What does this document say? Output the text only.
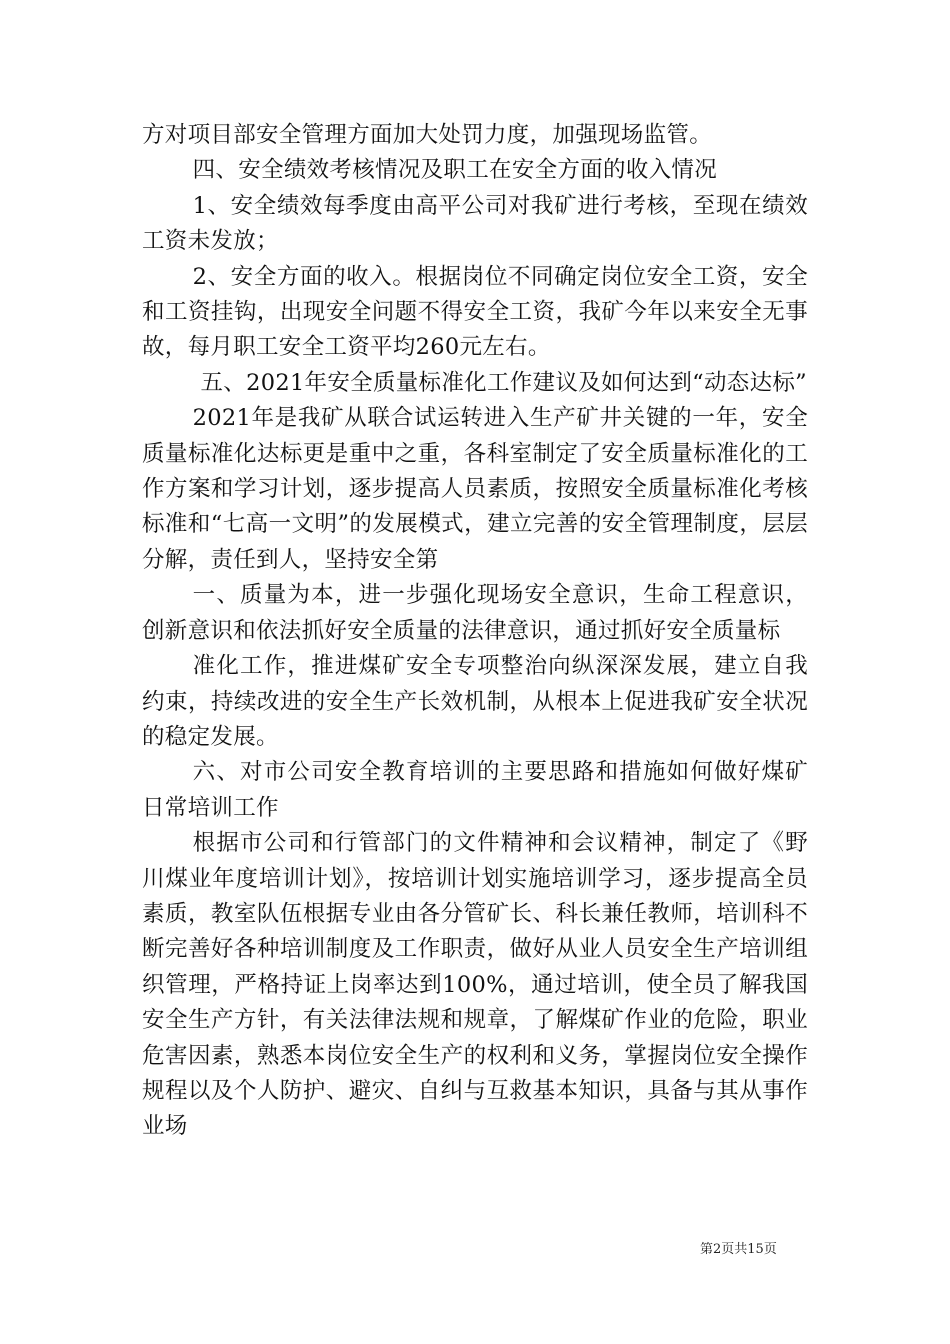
方对项目部安全管理方面加大处罚力度，加强现场监管。

四、安全绩效考核情况及职工在安全方面的收入情况

1、安全绩效每季度由高平公司对我矿进行考核，至现在绩效工资未发放；

2、安全方面的收入。根据岗位不同确定岗位安全工资，安全和工资挂钩，出现安全问题不得安全工资，我矿今年以来安全无事故，每月职工安全工资平均260元左右。

五、2021年安全质量标准化工作建议及如何达到“动态达标”

2021年是我矿从联合试运转进入生产矿井关键的一年，安全质量标准化达标更是重中之重，各科室制定了安全质量标准化的工作方案和学习计划，逐步提高人员素质，按照安全质量标准化考核标准和“七高一文明”的发展模式，建立完善的安全管理制度，层层分解，责任到人，坚持安全第

一、质量为本，进一步强化现场安全意识，生命工程意识，创新意识和依法抓好安全质量的法律意识，通过抓好安全质量标

准化工作，推进煤矿安全专项整治向纵深深发展，建立自我约束，持续改进的安全生产长效机制，从根本上促进我矿安全状况的稳定发展。

六、对市公司安全教育培训的主要思路和措施如何做好煤矿日常培训工作

根据市公司和行管部门的文件精神和会议精神，制定了《野川煤业年度培训计划》，按培训计划实施培训学习，逐步提高全员素质，教室队伍根据专业由各分管矿长、科长兼任教师，培训科不断完善好各种培训制度及工作职责，做好从业人员安全生产培训组织管理，严格持证上岗率达到100%，通过培训，使全员了解我国安全生产方针，有关法律法规和规章，了解煤矿作业的危险，职业危害因素，熟悉本岗位安全生产的权利和义务，掌握岗位安全操作规程以及个人防护、避灾、自纠与互救基本知识，具备与其从事作业场

第2页共15页
